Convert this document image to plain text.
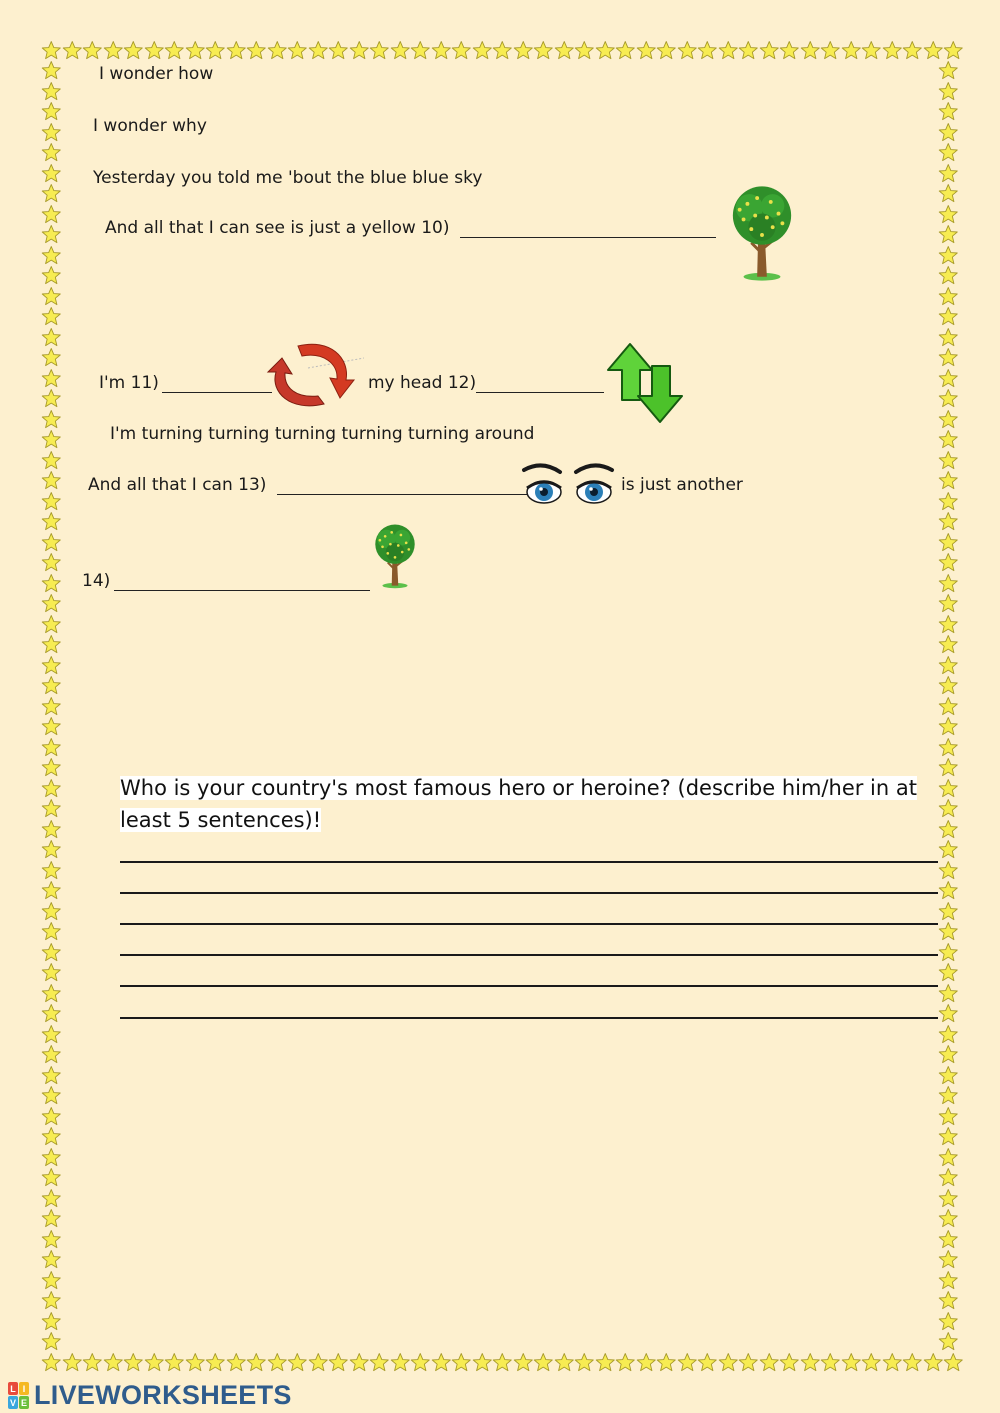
I wonder how
I wonder why
Yesterday you told me 'bout the blue blue sky
And all that I can see is just a yellow 10)
I'm 11)	my head 12)
I'm turning turning turning turning turning around
And all that I can 13)	is just another
14)
Who is your country's most famous hero or heroine? (describe him/her in at
least 5 sentences)!
L I
V E LIVEWORKSHEETS
